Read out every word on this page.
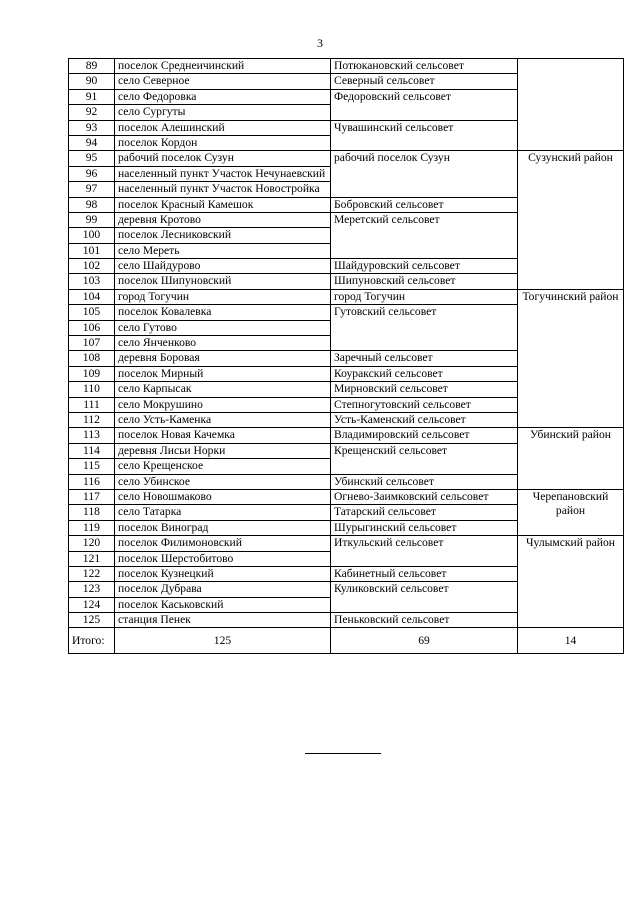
3
89	поселок Среднеичинский	Потюкановский сельсовет	
90	село Северное	Северный сельсовет	
91	село Федоровка	Федоровский сельсовет	
92	село Сургуты		
93	поселок Алешинский	Чувашинский сельсовет	
94	поселок Кордон		
95	рабочий поселок Сузун	рабочий поселок Сузун	Сузунский район
96	населенный пункт Участок Нечунаевский		
97	населенный пункт Участок Новостройка		
98	поселок Красный Камешок	Бобровский сельсовет	
99	деревня Кротово	Меретский сельсовет	
100	поселок Лесниковский		
101	село Мереть		
102	село Шайдурово	Шайдуровский сельсовет	
103	поселок Шипуновский	Шипуновский сельсовет	
104	город Тогучин	город Тогучин	Тогучинский район
105	поселок Ковалевка	Гутовский сельсовет	
106	село Гутово		
107	село Янченково		
108	деревня Боровая	Заречный сельсовет	
109	поселок Мирный	Коуракский сельсовет	
110	село Карпысак	Мирновский сельсовет	
111	село Мокрушино	Степногутовский сельсовет	
112	село Усть-Каменка	Усть-Каменский сельсовет	
113	поселок Новая Качемка	Владимировский сельсовет	Убинский район
114	деревня Лисьи Норки	Крещенский сельсовет	
115	село Крещенское		
116	село Убинское	Убинский сельсовет	
117	село Новошмаково	Огнево-Заимковский сельсовет	Черепановский район
118	село Татарка	Татарский сельсовет	
119	поселок Виноград	Шурыгинский сельсовет	
120	поселок Филимоновский	Иткульский сельсовет	Чулымский район
121	поселок Шерстобитово		
122	поселок Кузнецкий	Кабинетный сельсовет	
123	поселок Дубрава	Куликовский сельсовет	
124	поселок Каськовский		
125	станция Пенек	Пеньковский сельсовет	
Итого:	125	69	14
